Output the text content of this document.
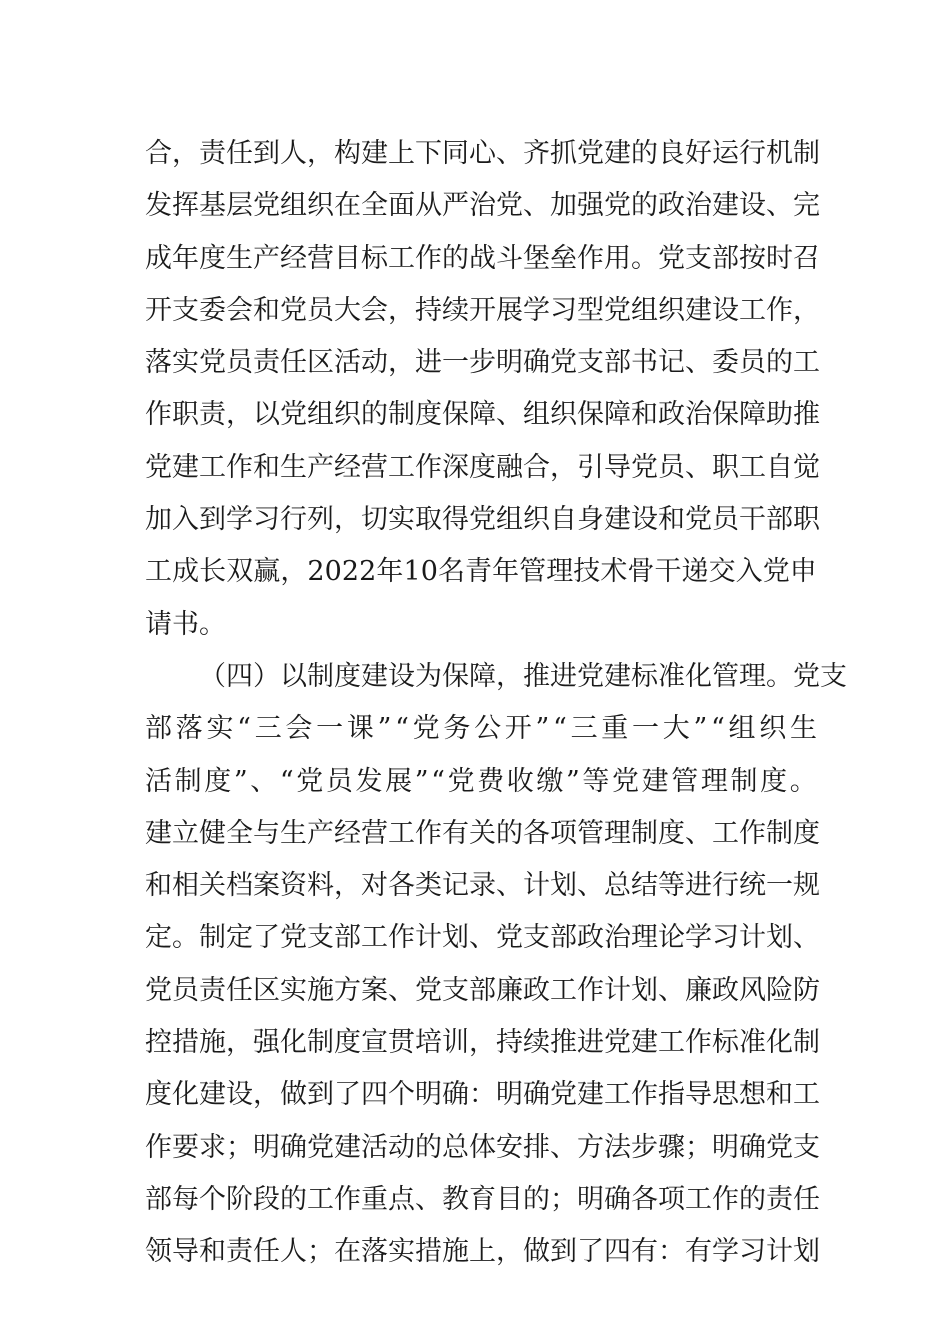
合 ， 责 任 到 人 ， 构 建 上 下 同 心 、 齐 抓 党 建 的 良 好 运 行 机 制
发 挥 基 层 党 组 织 在 全 面 从 严 治 党 、 加 强 党 的 政 治 建 设 、 完
成 年 度 生 产 经 营 目 标 工 作 的 战 斗 堡 垒 作 用 。 党 支 部 按 时 召
开 支 委 会 和 党 员 大 会 ， 持 续 开 展 学 习 型 党 组 织 建 设 工 作 ，
落 实 党 员 责 任 区 活 动 ， 进 一 步 明 确 党 支 部 书 记 、 委 员 的 工
作 职 责 ， 以 党 组 织 的 制 度 保 障 、 组 织 保 障 和 政 治 保 障 助 推
党 建 工 作 和 生 产 经 营 工 作 深 度 融 合 ， 引 导 党 员 、 职 工 自 觉
加 入 到 学 习 行 列 ， 切 实 取 得 党 组 织 自 身 建 设 和 党 员 干 部 职
工 成 长 双 赢 ， 2 0 2 2 年 1 0 名 青 年 管 理 技 术 骨 干 递 交 入 党 申
请书。
（ 四 ） 以 制 度 建 设 为 保 障 ， 推 进 党 建 标 准 化 管 理 。 党 支
部 落 实 “ 三 会 一 课 ” “ 党 务 公 开 ” “ 三 重 一 大 ” “ 组 织 生
活 制 度 ” 、 “ 党 员 发 展 ” “ 党 费 收 缴 ” 等 党 建 管 理 制 度 。
建 立 健 全 与 生 产 经 营 工 作 有 关 的 各 项 管 理 制 度 、 工 作 制 度
和 相 关 档 案 资 料 ， 对 各 类 记 录 、 计 划 、 总 结 等 进 行 统 一 规
定 。 制 定 了 党 支 部 工 作 计 划 、 党 支 部 政 治 理 论 学 习 计 划 、
党 员 责 任 区 实 施 方 案 、 党 支 部 廉 政 工 作 计 划 、 廉 政 风 险 防
控 措 施 ， 强 化 制 度 宣 贯 培 训 ， 持 续 推 进 党 建 工 作 标 准 化 制
度 化 建 设 ， 做 到 了 四 个 明 确 ： 明 确 党 建 工 作 指 导 思 想 和 工
作 要 求 ； 明 确 党 建 活 动 的 总 体 安 排 、 方 法 步 骤 ； 明 确 党 支
部 每 个 阶 段 的 工 作 重 点 、 教 育 目 的 ； 明 确 各 项 工 作 的 责 任
领 导 和 责 任 人 ； 在 落 实 措 施 上 ， 做 到 了 四 有 ： 有 学 习 计 划
